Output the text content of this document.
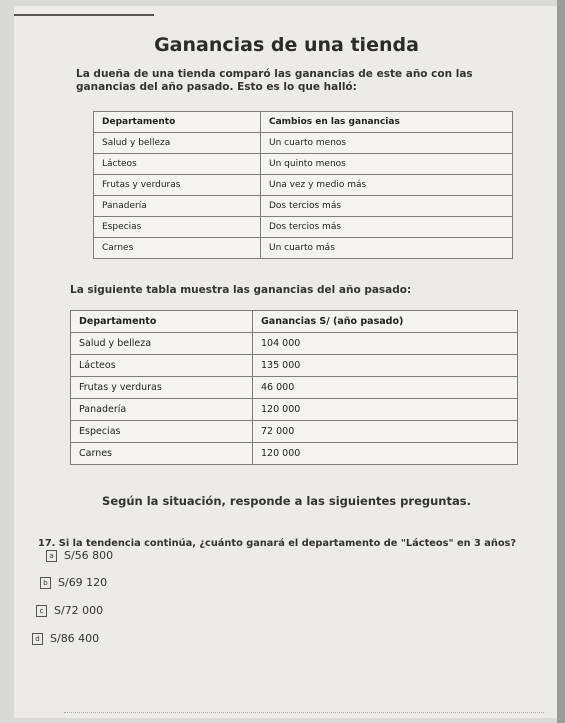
Ganancias de una tienda
La dueña de una tienda comparó las ganancias de este año con las ganancias del año pasado. Esto es lo que halló:
Departamento	Cambios en las ganancias
Salud y belleza	Un cuarto menos
Lácteos	Un quinto menos
Frutas y verduras	Una vez y medio más
Panadería	Dos tercios más
Especias	Dos tercios más
Carnes	Un cuarto más
La siguiente tabla muestra las ganancias del año pasado:
Departamento	Ganancias S/ (año pasado)
Salud y belleza	104 000
Lácteos	135 000
Frutas y verduras	46 000
Panadería	120 000
Especias	72 000
Carnes	120 000
Según la situación, responde a las siguientes preguntas.
17. Si la tendencia continúa, ¿cuánto ganará el departamento de "Lácteos" en 3 años?
a S/56 800
b S/69 120
c S/72 000
d S/86 400
